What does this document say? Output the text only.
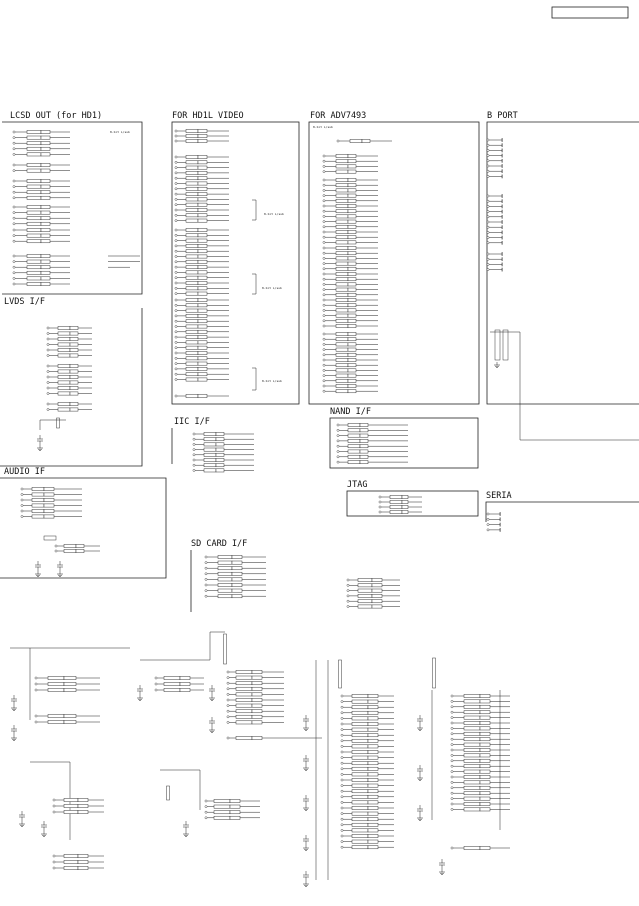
LCSD OUT (for HD1)	FOR HD1L VIDEO	FOR ADV7493	B PORT
LVDS I/F
IIC I/F
NAND I/F
JTAG
AUDIO IF
SD CARD I/F
SERIA
8-bit L/sub
8-bit L/sub
8-bit L/sub
8-bit L/sub
8-bit L/sub
